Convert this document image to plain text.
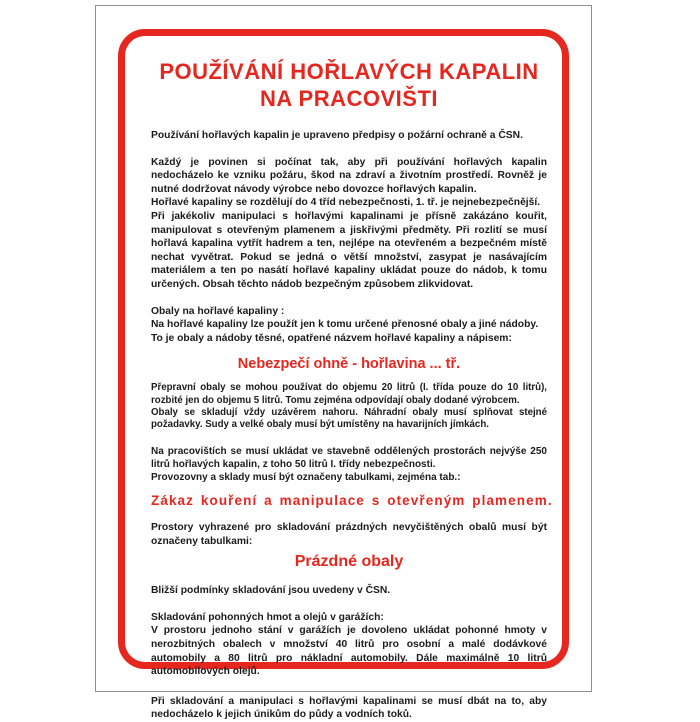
POUŽÍVÁNÍ HOŘLAVÝCH KAPALIN
NA PRACOVIŠTI

Používání hořlavých kapalin je upraveno předpisy o požární ochraně a ČSN.

Každý je povinen si počínat tak, aby při používání hořlavých kapalin nedocházelo ke vzniku požáru, škod na zdraví a životním prostředí. Rovněž je nutné dodržovat návody výrobce nebo dovozce hořlavých kapalin.

Hořlavé kapaliny se rozdělují do 4 tříd nebezpečnosti, 1. tř. je nejnebezpečnější.

Při jakékoliv manipulaci s hořlavými kapalinami je přísně zakázáno kouřit, manipulovat s otevřeným plamenem a jiskřivými předměty. Při rozlití se musí hořlavá kapalina vytřít hadrem a ten, nejlépe na otevřeném a bezpečném místě nechat vyvětrat. Pokud se jedná o větší množství, zasypat je nasávajícím materiálem a ten po nasátí hořlavé kapaliny ukládat pouze do nádob, k tomu určených. Obsah těchto nádob bezpečným způsobem zlikvidovat.

Obaly na hořlavé kapaliny :

Na hořlavé kapaliny lze použít jen k tomu určené přenosné obaly a jiné nádoby.

To je obaly a nádoby těsné, opatřené názvem hořlavé kapaliny a nápisem:

Nebezpečí ohně - hořlavina ... tř.

Přepravní obaly se mohou používat do objemu 20 litrů (I. třída pouze do 10 litrů), rozbité jen do objemu 5 litrů. Tomu zejména odpovídají obaly dodané výrobcem.

Obaly se skladují vždy uzávěrem nahoru. Náhradní obaly musí splňovat stejné požadavky. Sudy a velké obaly musí být umístěny na havarijních jímkách.

Na pracovištích se musí ukládat ve stavebně oddělených prostorách nejvýše 250 litrů hořlavých kapalin, z toho 50 litrů I. třídy nebezpečnosti.

Provozovny a sklady musí být označeny tabulkami, zejména tab.:

Zákaz kouření a manipulace s otevřeným plamenem.

Prostory vyhrazené pro skladování prázdných nevyčištěných obalů musí být označeny tabulkami:

Prázdné obaly

Bližší podmínky skladování jsou uvedeny v ČSN.

Skladování pohonných hmot a olejů v garážích:

V prostoru jednoho stání v garážích je dovoleno ukládat pohonné hmoty v nerozbitných obalech v množství 40 litrů pro osobní a malé dodávkové automobily a 80 litrů pro nákladní automobily. Dále maximálně 10 litrů automobilových olejů.

Při skladování a manipulaci s hořlavými kapalinami se musí dbát na to, aby nedocházelo k jejich únikům do půdy a vodních toků.
